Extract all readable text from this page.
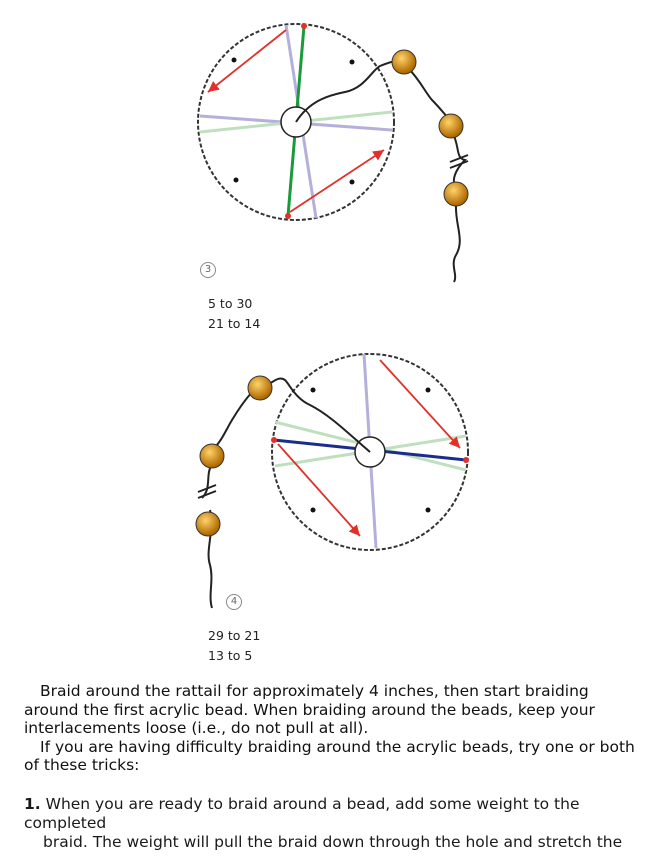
3
5 to 30
21 to 14
4
29 to 21
13 to 5

Braid around the rattail for approximately 4 inches, then start braiding around the first acrylic bead. When braiding around the beads, keep your interlacements loose (i.e., do not pull at all).

If you are having difficulty braiding around the acrylic beads, try one or both of these tricks:

1. When you are ready to braid around a bead, add some weight to the completed
braid. The weight will pull the braid down through the hole and stretch the
